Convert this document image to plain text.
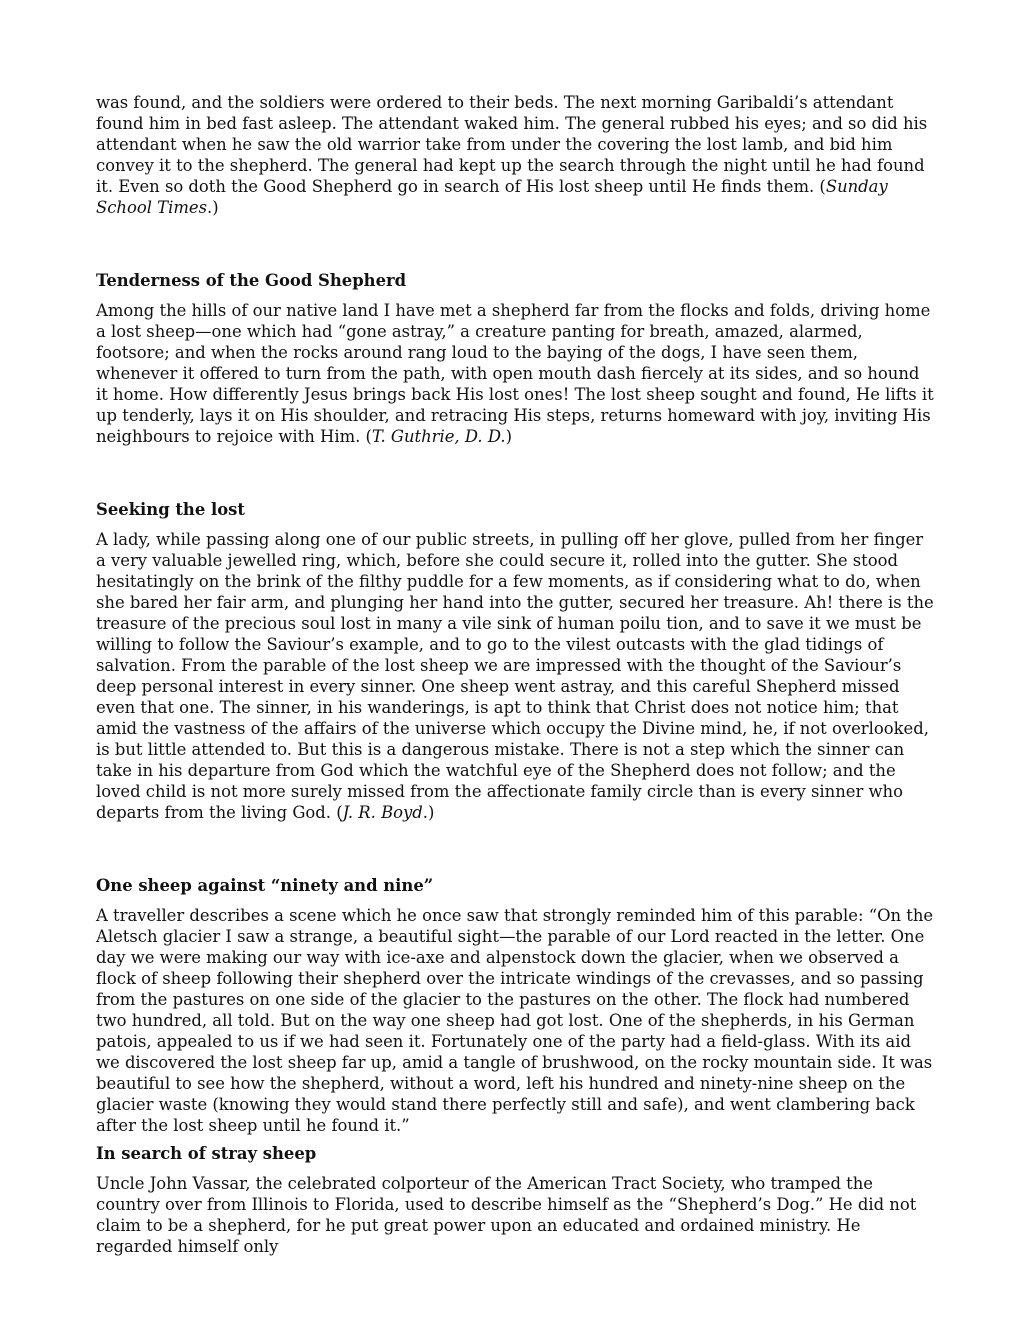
was found, and the soldiers were ordered to their beds. The next morning Garibaldi’s attendant found him in bed fast asleep. The attendant waked him. The general rubbed his eyes; and so did his attendant when he saw the old warrior take from under the covering the lost lamb, and bid him convey it to the shepherd. The general had kept up the search through the night until he had found it. Even so doth the Good Shepherd go in search of His lost sheep until He finds them. (Sunday School Times.)

Tenderness of the Good Shepherd

Among the hills of our native land I have met a shepherd far from the flocks and folds, driving home a lost sheep—one which had “gone astray,” a creature panting for breath, amazed, alarmed, footsore; and when the rocks around rang loud to the baying of the dogs, I have seen them, whenever it offered to turn from the path, with open mouth dash fiercely at its sides, and so hound it home. How differently Jesus brings back His lost ones! The lost sheep sought and found, He lifts it up tenderly, lays it on His shoulder, and retracing His steps, returns homeward with joy, inviting His neighbours to rejoice with Him. (T. Guthrie, D. D.)

Seeking the lost

A lady, while passing along one of our public streets, in pulling off her glove, pulled from her finger a very valuable jewelled ring, which, before she could secure it, rolled into the gutter. She stood hesitatingly on the brink of the filthy puddle for a few moments, as if considering what to do, when she bared her fair arm, and plunging her hand into the gutter, secured her treasure. Ah! there is the treasure of the precious soul lost in many a vile sink of human poilu tion, and to save it we must be willing to follow the Saviour’s example, and to go to the vilest outcasts with the glad tidings of salvation. From the parable of the lost sheep we are impressed with the thought of the Saviour’s deep personal interest in every sinner. One sheep went astray, and this careful Shepherd missed even that one. The sinner, in his wanderings, is apt to think that Christ does not notice him; that amid the vastness of the affairs of the universe which occupy the Divine mind, he, if not overlooked, is but little attended to. But this is a dangerous mistake. There is not a step which the sinner can take in his departure from God which the watchful eye of the Shepherd does not follow; and the loved child is not more surely missed from the affectionate family circle than is every sinner who departs from the living God. (J. R. Boyd.)

One sheep against “ninety and nine”

A traveller describes a scene which he once saw that strongly reminded him of this parable: “On the Aletsch glacier I saw a strange, a beautiful sight—the parable of our Lord reacted in the letter. One day we were making our way with ice-axe and alpenstock down the glacier, when we observed a flock of sheep following their shepherd over the intricate windings of the crevasses, and so passing from the pastures on one side of the glacier to the pastures on the other. The flock had numbered two hundred, all told. But on the way one sheep had got lost. One of the shepherds, in his German patois, appealed to us if we had seen it. Fortunately one of the party had a field-glass. With its aid we discovered the lost sheep far up, amid a tangle of brushwood, on the rocky mountain side. It was beautiful to see how the shepherd, without a word, left his hundred and ninety-nine sheep on the glacier waste (knowing they would stand there perfectly still and safe), and went clambering back after the lost sheep until he found it.”

In search of stray sheep

Uncle John Vassar, the celebrated colporteur of the American Tract Society, who tramped the country over from Illinois to Florida, used to describe himself as the “Shepherd’s Dog.” He did not claim to be a shepherd, for he put great power upon an educated and ordained ministry. He regarded himself only
